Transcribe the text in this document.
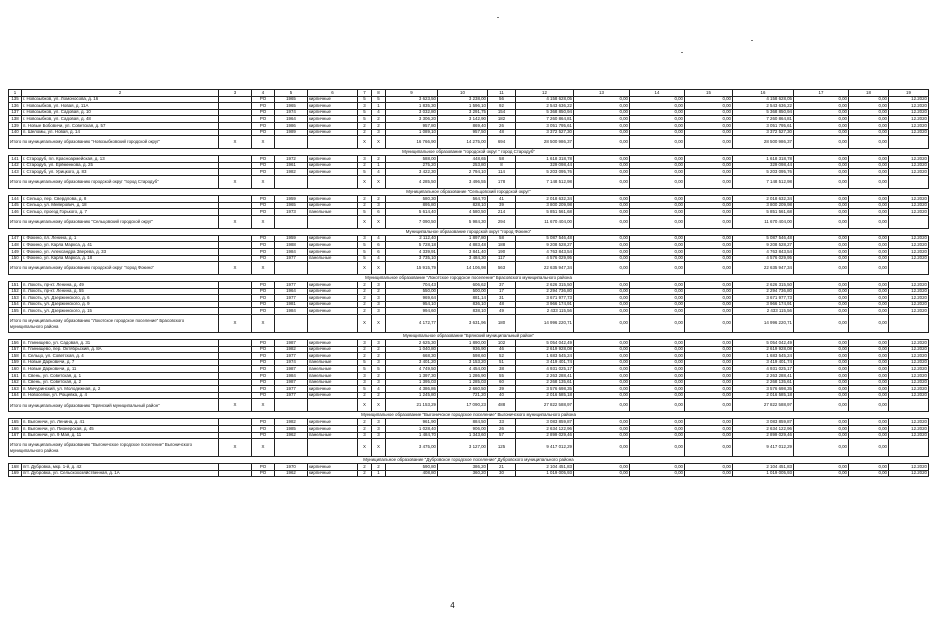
1	2	3	4	5	6	7	8	9	10	11	12	13	14	15	16	17	18	19
135	г. Новозыбков, ул. Ломоносова, д. 16		РО	1965	кирпичные	5	5	3 623,50	3 238,00	56	4 158 628,05	0,00	0,00	0,00	4 158 628,05	0,00	0,00	12.2020
136	г. Новозыбков, ул. Новая, д. 11А		РО	1965	кирпичные	3	1	1 835,30	1 596,10	92	2 543 636,22	0,00	0,00	0,00	2 543 636,22	0,00	0,00	12.2020
137	г. Новозыбков, ул. Садовая, д. 10		РО	1974	кирпичные	5	4	3 032,80	3 291,75	154	5 368 850,94	0,00	0,00	0,00	5 368 850,94	0,00	0,00	12.2020
138	г. Новозыбков, ул. Садовая, д. 48		РО	1964	кирпичные	5	2	3 306,20	3 142,90	182	7 260 864,81	0,00	0,00	0,00	7 260 864,81	0,00	0,00	12.2020
139	п. Новые Бобовичи, ул. Советская, д. 57		РО	1986	кирпичные	2	2	957,80	869,40	26	3 051 795,61	0,00	0,00	0,00	3 051 795,61	0,00	0,00	12.2020
140	п. Шеломы, ул. Новая, д. 14		РО	1989	кирпичные	2	3	1 089,10	957,50	48	3 372 527,30	0,00	0,00	0,00	3 372 527,30	0,00	0,00	12.2020
Итого по муниципальному образованию "Новозыбковский городской округ"		Х	Х			Х	Х	16 766,90	14 275,00	694	28 500 986,37	0,00	0,00	0,00	28 500 986,37	0,00	0,00	
Муниципальное образование "городской округ " город Стародуб"																		
141	г. Стародуб, пл. Красноармейская, д. 13		РО	1972	кирпичные	3	2	588,00	448,65	58	1 618 318,78	0,00	0,00	0,00	1 618 318,78	0,00	0,00	12.2020
142	г. Стародуб, ул. Ерёменкова, д. 25		РО	1961	кирпичные	2	1	275,20	253,80	8	329 098,44	0,00	0,00	0,00	329 098,44	0,00	0,00	12.2020
143	г. Стародуб, ул. Урицкого, д. 83		РО	1982	кирпичные	5	4	3 422,30	2 794,10	114	5 203 095,76	0,00	0,00	0,00	5 203 095,76	0,00	0,00	12.2020
Итого по муниципальному образованию городской округ "город Стародуб"		Х	Х			Х	Х	4 285,50	3 496,55	178	7 148 512,98	0,00	0,00	0,00	7 148 512,98	0,00	0,00	
Муниципальное образование "Сельцовский городской округ"																		
144	г. Сельцо, пер. Свердлова, д. 8		РО	1959	кирпичные	2	2	580,30	564,70	41	2 018 632,34	0,00	0,00	0,00	2 018 632,34	0,00	0,00	12.2020
145	г. Сельцо, ул. Мейерович, д. 18		РО	1965	кирпичные	2	3	895,80	828,10	39	3 800 209,98	0,00	0,00	0,00	3 800 209,98	0,00	0,00	12.2020
146	г. Сельцо, проезд Горького, д. 7		РО	1973	панельные	5	6	5 614,40	4 580,50	214	5 851 561,68	0,00	0,00	0,00	5 851 561,68	0,00	0,00	12.2020
Итого по муниципальному образованию "Сельцовский городской округ"		Х	Х			Х	Х	7 090,50	5 984,30	294	11 670 404,00	0,00	0,00	0,00	11 670 404,00	0,00	0,00	
Муниципальное образование городской округ "город Фокино"																		
147	г. Фокино, пл. Ленина, д. 1		РО	1959	кирпичные	3	4	2 112,40	1 897,80	58	5 087 546,48	0,00	0,00	0,00	5 087 546,48	0,00	0,00	12.2020
148	г. Фокино, ул. Карла Маркса, д. 41		РО	1988	кирпичные	5	6	5 728,18	4 883,48	188	9 208 528,27	0,00	0,00	0,00	9 208 528,27	0,00	0,00	12.2020
149	г. Фокино, ул. Александра Зверева, д. 33		РО	1984	кирпичные	5	6	4 339,91	3 841,40	190	4 763 843,54	0,00	0,00	0,00	4 763 843,54	0,00	0,00	12.2020
150	г. Фокино, ул. Карла Маркса, д. 18		РО	1977	панельные	5	4	3 735,10	3 484,30	117	4 576 029,95	0,00	0,00	0,00	4 576 029,95	0,00	0,00	12.2020
Итого по муниципальному образованию городской округ "город Фокино"		Х	Х			Х	Х	15 915,79	14 106,98	563	22 635 947,34	0,00	0,00	0,00	22 635 947,34	0,00	0,00	
Муниципальное образование "Локотское городское поселение" Брасовского муниципального района																		
151	п. Локоть, пр-кт. Ленина, д. 49		РО	1977	кирпичные	2	3	704,43	606,62	37	2 626 315,50	0,00	0,00	0,00	2 626 315,50	0,00	0,00	12.2020
152	п. Локоть, пр-кт. Ленина, д. 55		РО	1964	кирпичные	2	2	550,00	500,00	17	2 294 736,80	0,00	0,00	0,00	2 294 736,80	0,00	0,00	12.2020
153	п. Локоть, ул. Дзержинского, д. 6		РО	1977	кирпичные	2	3	969,64	881,14	31	3 671 977,73	0,00	0,00	0,00	3 671 977,73	0,00	0,00	12.2020
154	п. Локоть, ул. Дзержинского, д. 9		РО	1981	кирпичные	2	3	954,10	836,10	48	3 966 174,91	0,00	0,00	0,00	3 966 174,91	0,00	0,00	12.2020
155	п. Локоть, ул. Дзержинского, д. 15		РО	1984	кирпичные	2	3	994,60	838,10	49	2 433 115,56	0,00	0,00	0,00	2 433 115,56	0,00	0,00	12.2020
Итого по муниципальному образованию "Локотское городское поселение" Брасовского муниципального района		Х	Х			Х	Х	4 172,77	3 631,96	180	14 996 220,71	0,00	0,00	0,00	14 996 220,71	0,00	0,00	
Муниципальное образование "Брянский муниципальный район"																		
156	п. Глинищево, ул. Садовая, д. 31		РО	1987	кирпичные	3	3	2 625,30	1 890,00	102	5 054 042,49	0,00	0,00	0,00	5 054 042,49	0,00	0,00	12.2020
157	п. Глинищево, пер. Октябрьский, д. 8А		РО	1982	кирпичные	2	2	1 040,80	936,90	46	2 619 928,08	0,00	0,00	0,00	2 619 928,08	0,00	0,00	12.2020
158	п. Сельцо, ул. Советская, д. 4		РО	1977	кирпичные	2	2	668,30	598,60	52	1 683 545,24	0,00	0,00	0,00	1 683 545,24	0,00	0,00	12.2020
159	п. Новые Дарковичи, д. 7		РО	1974	панельные	5	3	3 401,20	3 153,20	51	3 419 401,74	0,00	0,00	0,00	3 419 401,74	0,00	0,00	12.2020
160	п. Новые Дарковичи, д. 11		РО	1987	панельные	5	5	4 749,50	4 454,00	38	4 931 025,17	0,00	0,00	0,00	4 931 025,17	0,00	0,00	12.2020
161	п. Свень, ул. Советская, д. 1		РО	1984	панельные	3	2	1 397,30	1 286,90	55	2 263 288,41	0,00	0,00	0,00	2 263 288,41	0,00	0,00	12.2020
162	п. Свень, ул. Советская, д. 2		РО	1987	панельные	3	3	1 395,03	1 285,03	60	2 268 135,61	0,00	0,00	0,00	2 268 135,61	0,00	0,00	12.2020
163	п. Мичуринский, ул. Молодежная, д. 2		РО	1977	кирпичные	5	4	4 386,86	2 660,50	39	3 576 698,35	0,00	0,00	0,00	3 576 698,35	0,00	0,00	12.2020
164	п. Новоселки, ул. Рощевка, д. 4		РО	1977	кирпичные	2	2	1 245,80	721,20	40	2 016 585,18	0,00	0,00	0,00	2 016 585,18	0,00	0,00	12.2020
Итого по муниципальному образованию "Брянский муниципальный район"		Х	Х			Х	Х	21 153,29	17 090,23	488	27 822 588,97	0,00	0,00	0,00	27 822 588,97	0,00	0,00	
Муниципальное образование "Выгоничское городское поселение" Выгоничского муниципального района																		
165	п. Выгоничи, ул. Ленина, д. 41		РО	1982	кирпичные	2	3	961,90	884,50	33	3 083 859,87	0,00	0,00	0,00	3 083 859,87	0,00	0,00	12.2020
166	п. Выгоничи, ул. Пионерская, д. 45		РО	1985	кирпичные	2	3	1 028,40	906,00	26	2 634 122,96	0,00	0,00	0,00	2 634 122,96	0,00	0,00	12.2020
167	п. Выгоничи, ул. 9 Мая, д. 11		РО	1962	панельные	3	3	1 484,70	1 343,60	57	2 899 029,46	0,00	0,00	0,00	2 899 029,46	0,00	0,00	12.2020
Итого по муниципальному образованию "Выгоничское городское поселение" Выгоничского муниципального района		Х	Х			Х	Х	3 475,00	3 127,00	125	9 417 012,29	0,00	0,00	0,00	9 417 012,29	0,00	0,00	
Муниципальное образование "Дубровское городское поселение" Дубровского муниципального района																		
168	пгт. Дубровка, мкр. 1-й, д. 42		РО	1970	кирпичные	2	2	590,80	386,20	21	2 104 451,83	0,00	0,00	0,00	2 104 451,83	0,00	0,00	12.2020
169	пгт. Дубровка, ул. Сельскохозяйственная, д. 1А		РО	1962	кирпичные	2	1	408,80	360,20	30	1 019 005,93	0,00	0,00	0,00	1 019 005,93	0,00	0,00	12.2020
4
